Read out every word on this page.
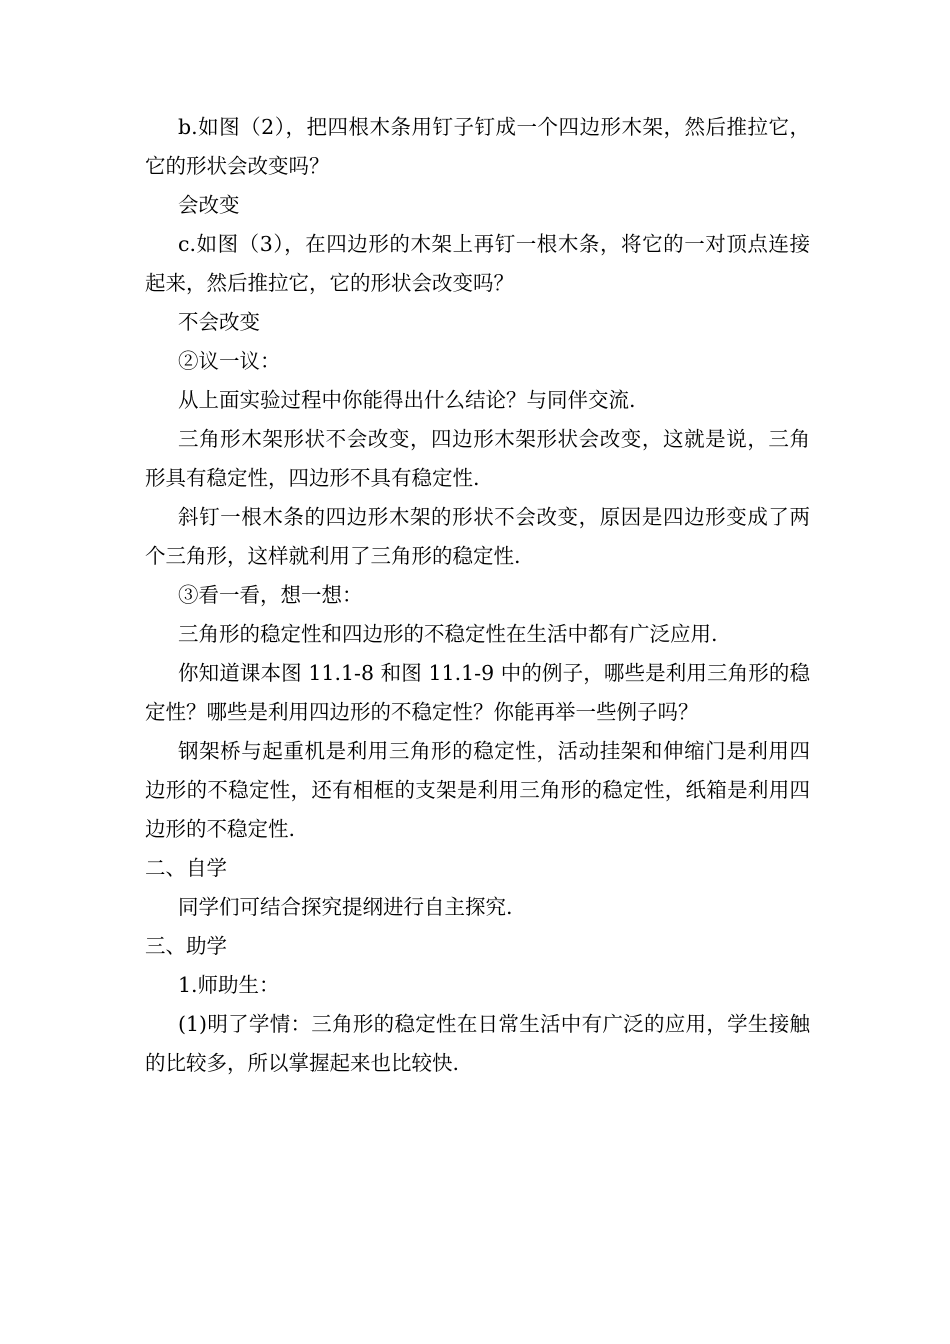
b.如图（2），把四根木条用钉子钉成一个四边形木架，然后推拉它，它的形状会改变吗？

会改变

c.如图（3），在四边形的木架上再钉一根木条，将它的一对顶点连接起来，然后推拉它，它的形状会改变吗？

不会改变

②议一议：

从上面实验过程中你能得出什么结论？与同伴交流.

三角形木架形状不会改变，四边形木架形状会改变，这就是说，三角形具有稳定性，四边形不具有稳定性.

斜钉一根木条的四边形木架的形状不会改变，原因是四边形变成了两个三角形，这样就利用了三角形的稳定性.

③看一看，想一想：

三角形的稳定性和四边形的不稳定性在生活中都有广泛应用.

你知道课本图 11.1-8 和图 11.1-9 中的例子，哪些是利用三角形的稳定性？哪些是利用四边形的不稳定性？你能再举一些例子吗？

钢架桥与起重机是利用三角形的稳定性，活动挂架和伸缩门是利用四边形的不稳定性，还有相框的支架是利用三角形的稳定性，纸箱是利用四边形的不稳定性.

二、自学

同学们可结合探究提纲进行自主探究.

三、助学

1.师助生：

(1)明了学情：三角形的稳定性在日常生活中有广泛的应用，学生接触的比较多，所以掌握起来也比较快.
